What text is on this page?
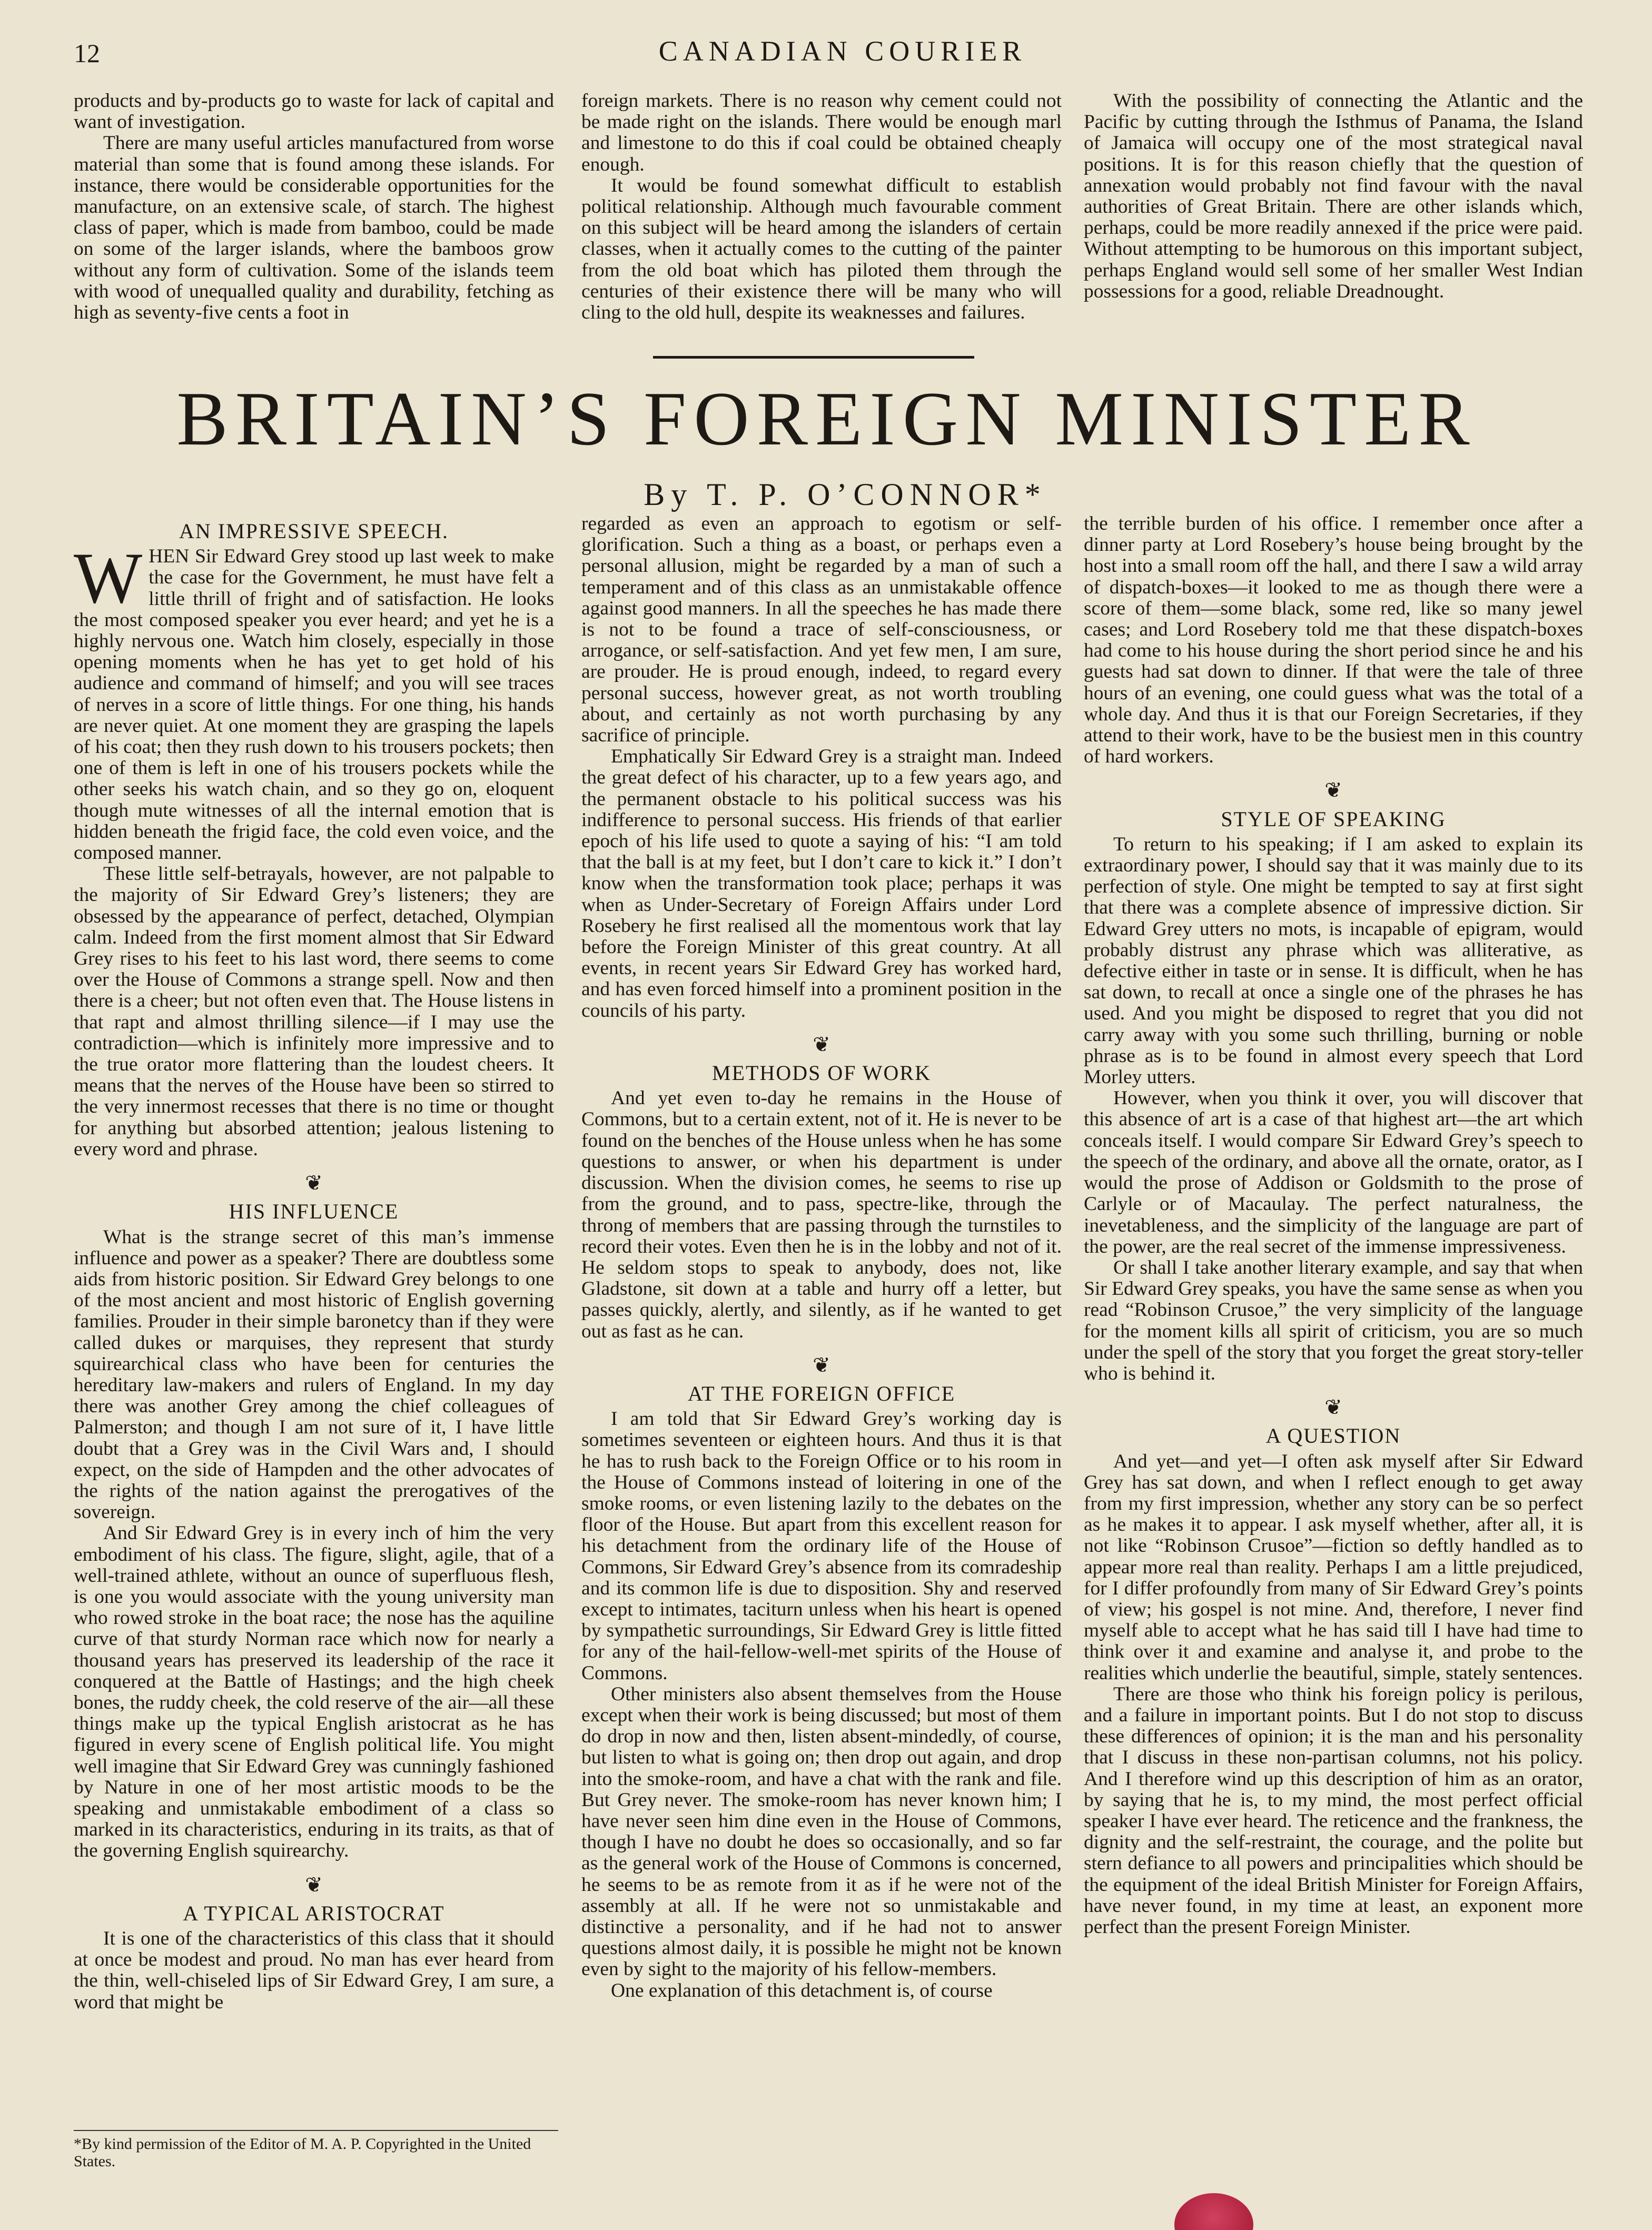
12	CANADIAN COURIER

products and by-products go to waste for lack of capital and want of investigation.

There are many useful articles manufactured from worse material than some that is found among these islands. For instance, there would be considerable opportunities for the manufacture, on an extensive scale, of starch. The highest class of paper, which is made from bamboo, could be made on some of the larger islands, where the bamboos grow without any form of cultivation. Some of the islands teem with wood of unequalled quality and durability, fetching as high as seventy-five cents a foot in

foreign markets. There is no reason why cement could not be made right on the islands. There would be enough marl and limestone to do this if coal could be obtained cheaply enough.

It would be found somewhat difficult to establish political relationship. Although much favourable comment on this subject will be heard among the islanders of certain classes, when it actually comes to the cutting of the painter from the old boat which has piloted them through the centuries of their existence there will be many who will cling to the old hull, despite its weaknesses and failures.

With the possibility of connecting the Atlantic and the Pacific by cutting through the Isthmus of Panama, the Island of Jamaica will occupy one of the most strategical naval positions. It is for this reason chiefly that the question of annexation would probably not find favour with the naval authorities of Great Britain. There are other islands which, perhaps, could be more readily annexed if the price were paid. Without attempting to be humorous on this important subject, perhaps England would sell some of her smaller West Indian possessions for a good, reliable Dreadnought.

BRITAIN’S FOREIGN MINISTER
By T. P. O’CONNOR*
AN IMPRESSIVE SPEECH.

WHEN Sir Edward Grey stood up last week to make the case for the Government, he must have felt a little thrill of fright and of satisfaction. He looks the most composed speaker you ever heard; and yet he is a highly nervous one. Watch him closely, especially in those opening moments when he has yet to get hold of his audience and command of himself; and you will see traces of nerves in a score of little things. For one thing, his hands are never quiet. At one moment they are grasping the lapels of his coat; then they rush down to his trousers pockets; then one of them is left in one of his trousers pockets while the other seeks his watch chain, and so they go on, eloquent though mute witnesses of all the internal emotion that is hidden beneath the frigid face, the cold even voice, and the composed manner.

These little self-betrayals, however, are not palpable to the majority of Sir Edward Grey’s listeners; they are obsessed by the appearance of perfect, detached, Olympian calm. Indeed from the first moment almost that Sir Edward Grey rises to his feet to his last word, there seems to come over the House of Commons a strange spell. Now and then there is a cheer; but not often even that. The House listens in that rapt and almost thrilling silence—if I may use the contradiction—which is infinitely more impressive and to the true orator more flattering than the loudest cheers. It means that the nerves of the House have been so stirred to the very innermost recesses that there is no time or thought for anything but absorbed attention; jealous listening to every word and phrase.

❦
HIS INFLUENCE

What is the strange secret of this man’s immense influence and power as a speaker? There are doubtless some aids from historic position. Sir Edward Grey belongs to one of the most ancient and most historic of English governing families. Prouder in their simple baronetcy than if they were called dukes or marquises, they represent that sturdy squirearchical class who have been for centuries the hereditary law-makers and rulers of England. In my day there was another Grey among the chief colleagues of Palmerston; and though I am not sure of it, I have little doubt that a Grey was in the Civil Wars and, I should expect, on the side of Hampden and the other advocates of the rights of the nation against the prerogatives of the sovereign.

And Sir Edward Grey is in every inch of him the very embodiment of his class. The figure, slight, agile, that of a well-trained athlete, without an ounce of superfluous flesh, is one you would associate with the young university man who rowed stroke in the boat race; the nose has the aquiline curve of that sturdy Norman race which now for nearly a thousand years has preserved its leadership of the race it conquered at the Battle of Hastings; and the high cheek bones, the ruddy cheek, the cold reserve of the air—all these things make up the typical English aristocrat as he has figured in every scene of English political life. You might well imagine that Sir Edward Grey was cunningly fashioned by Nature in one of her most artistic moods to be the speaking and unmistakable embodiment of a class so marked in its characteristics, enduring in its traits, as that of the governing English squirearchy.

❦
A TYPICAL ARISTOCRAT

It is one of the characteristics of this class that it should at once be modest and proud. No man has ever heard from the thin, well-chiseled lips of Sir Edward Grey, I am sure, a word that might be

regarded as even an approach to egotism or self-glorification. Such a thing as a boast, or perhaps even a personal allusion, might be regarded by a man of such a temperament and of this class as an unmistakable offence against good manners. In all the speeches he has made there is not to be found a trace of self-consciousness, or arrogance, or self-satisfaction. And yet few men, I am sure, are prouder. He is proud enough, indeed, to regard every personal success, however great, as not worth troubling about, and certainly as not worth purchasing by any sacrifice of principle.

Emphatically Sir Edward Grey is a straight man. Indeed the great defect of his character, up to a few years ago, and the permanent obstacle to his political success was his indifference to personal success. His friends of that earlier epoch of his life used to quote a saying of his: “I am told that the ball is at my feet, but I don’t care to kick it.” I don’t know when the transformation took place; perhaps it was when as Under-Secretary of Foreign Affairs under Lord Rosebery he first realised all the momentous work that lay before the Foreign Minister of this great country. At all events, in recent years Sir Edward Grey has worked hard, and has even forced himself into a prominent position in the councils of his party.

❦
METHODS OF WORK

And yet even to-day he remains in the House of Commons, but to a certain extent, not of it. He is never to be found on the benches of the House unless when he has some questions to answer, or when his department is under discussion. When the division comes, he seems to rise up from the ground, and to pass, spectre-like, through the throng of members that are passing through the turnstiles to record their votes. Even then he is in the lobby and not of it. He seldom stops to speak to anybody, does not, like Gladstone, sit down at a table and hurry off a letter, but passes quickly, alertly, and silently, as if he wanted to get out as fast as he can.

❦
AT THE FOREIGN OFFICE

I am told that Sir Edward Grey’s working day is sometimes seventeen or eighteen hours. And thus it is that he has to rush back to the Foreign Office or to his room in the House of Commons instead of loitering in one of the smoke rooms, or even listening lazily to the debates on the floor of the House. But apart from this excellent reason for his detachment from the ordinary life of the House of Commons, Sir Edward Grey’s absence from its comradeship and its common life is due to disposition. Shy and reserved except to intimates, taciturn unless when his heart is opened by sympathetic surroundings, Sir Edward Grey is little fitted for any of the hail-fellow-well-met spirits of the House of Commons.

Other ministers also absent themselves from the House except when their work is being discussed; but most of them do drop in now and then, listen absent-mindedly, of course, but listen to what is going on; then drop out again, and drop into the smoke-room, and have a chat with the rank and file. But Grey never. The smoke-room has never known him; I have never seen him dine even in the House of Commons, though I have no doubt he does so occasionally, and so far as the general work of the House of Commons is concerned, he seems to be as remote from it as if he were not of the assembly at all. If he were not so unmistakable and distinctive a personality, and if he had not to answer questions almost daily, it is possible he might not be known even by sight to the majority of his fellow-members.

One explanation of this detachment is, of course

the terrible burden of his office. I remember once after a dinner party at Lord Rosebery’s house being brought by the host into a small room off the hall, and there I saw a wild array of dispatch-boxes—it looked to me as though there were a score of them—some black, some red, like so many jewel cases; and Lord Rosebery told me that these dispatch-boxes had come to his house during the short period since he and his guests had sat down to dinner. If that were the tale of three hours of an evening, one could guess what was the total of a whole day. And thus it is that our Foreign Secretaries, if they attend to their work, have to be the busiest men in this country of hard workers.

❦
STYLE OF SPEAKING

To return to his speaking; if I am asked to explain its extraordinary power, I should say that it was mainly due to its perfection of style. One might be tempted to say at first sight that there was a complete absence of impressive diction. Sir Edward Grey utters no mots, is incapable of epigram, would probably distrust any phrase which was alliterative, as defective either in taste or in sense. It is difficult, when he has sat down, to recall at once a single one of the phrases he has used. And you might be disposed to regret that you did not carry away with you some such thrilling, burning or noble phrase as is to be found in almost every speech that Lord Morley utters.

However, when you think it over, you will discover that this absence of art is a case of that highest art—the art which conceals itself. I would compare Sir Edward Grey’s speech to the speech of the ordinary, and above all the ornate, orator, as I would the prose of Addison or Goldsmith to the prose of Carlyle or of Macaulay. The perfect naturalness, the inevetableness, and the simplicity of the language are part of the power, are the real secret of the immense impressiveness.

Or shall I take another literary example, and say that when Sir Edward Grey speaks, you have the same sense as when you read “Robinson Crusoe,” the very simplicity of the language for the moment kills all spirit of criticism, you are so much under the spell of the story that you forget the great story-teller who is behind it.

❦
A QUESTION

And yet—and yet—I often ask myself after Sir Edward Grey has sat down, and when I reflect enough to get away from my first impression, whether any story can be so perfect as he makes it to appear. I ask myself whether, after all, it is not like “Robinson Crusoe”—fiction so deftly handled as to appear more real than reality. Perhaps I am a little prejudiced, for I differ profoundly from many of Sir Edward Grey’s points of view; his gospel is not mine. And, therefore, I never find myself able to accept what he has said till I have had time to think over it and examine and analyse it, and probe to the realities which underlie the beautiful, simple, stately sentences.

There are those who think his foreign policy is perilous, and a failure in important points. But I do not stop to discuss these differences of opinion; it is the man and his personality that I discuss in these non-partisan columns, not his policy. And I therefore wind up this description of him as an orator, by saying that he is, to my mind, the most perfect official speaker I have ever heard. The reticence and the frankness, the dignity and the self-restraint, the courage, and the polite but stern defiance to all powers and principalities which should be the equipment of the ideal British Minister for Foreign Affairs, have never found, in my time at least, an exponent more perfect than the present Foreign Minister.

*By kind permission of the Editor of M. A. P. Copyrighted in the United States.
